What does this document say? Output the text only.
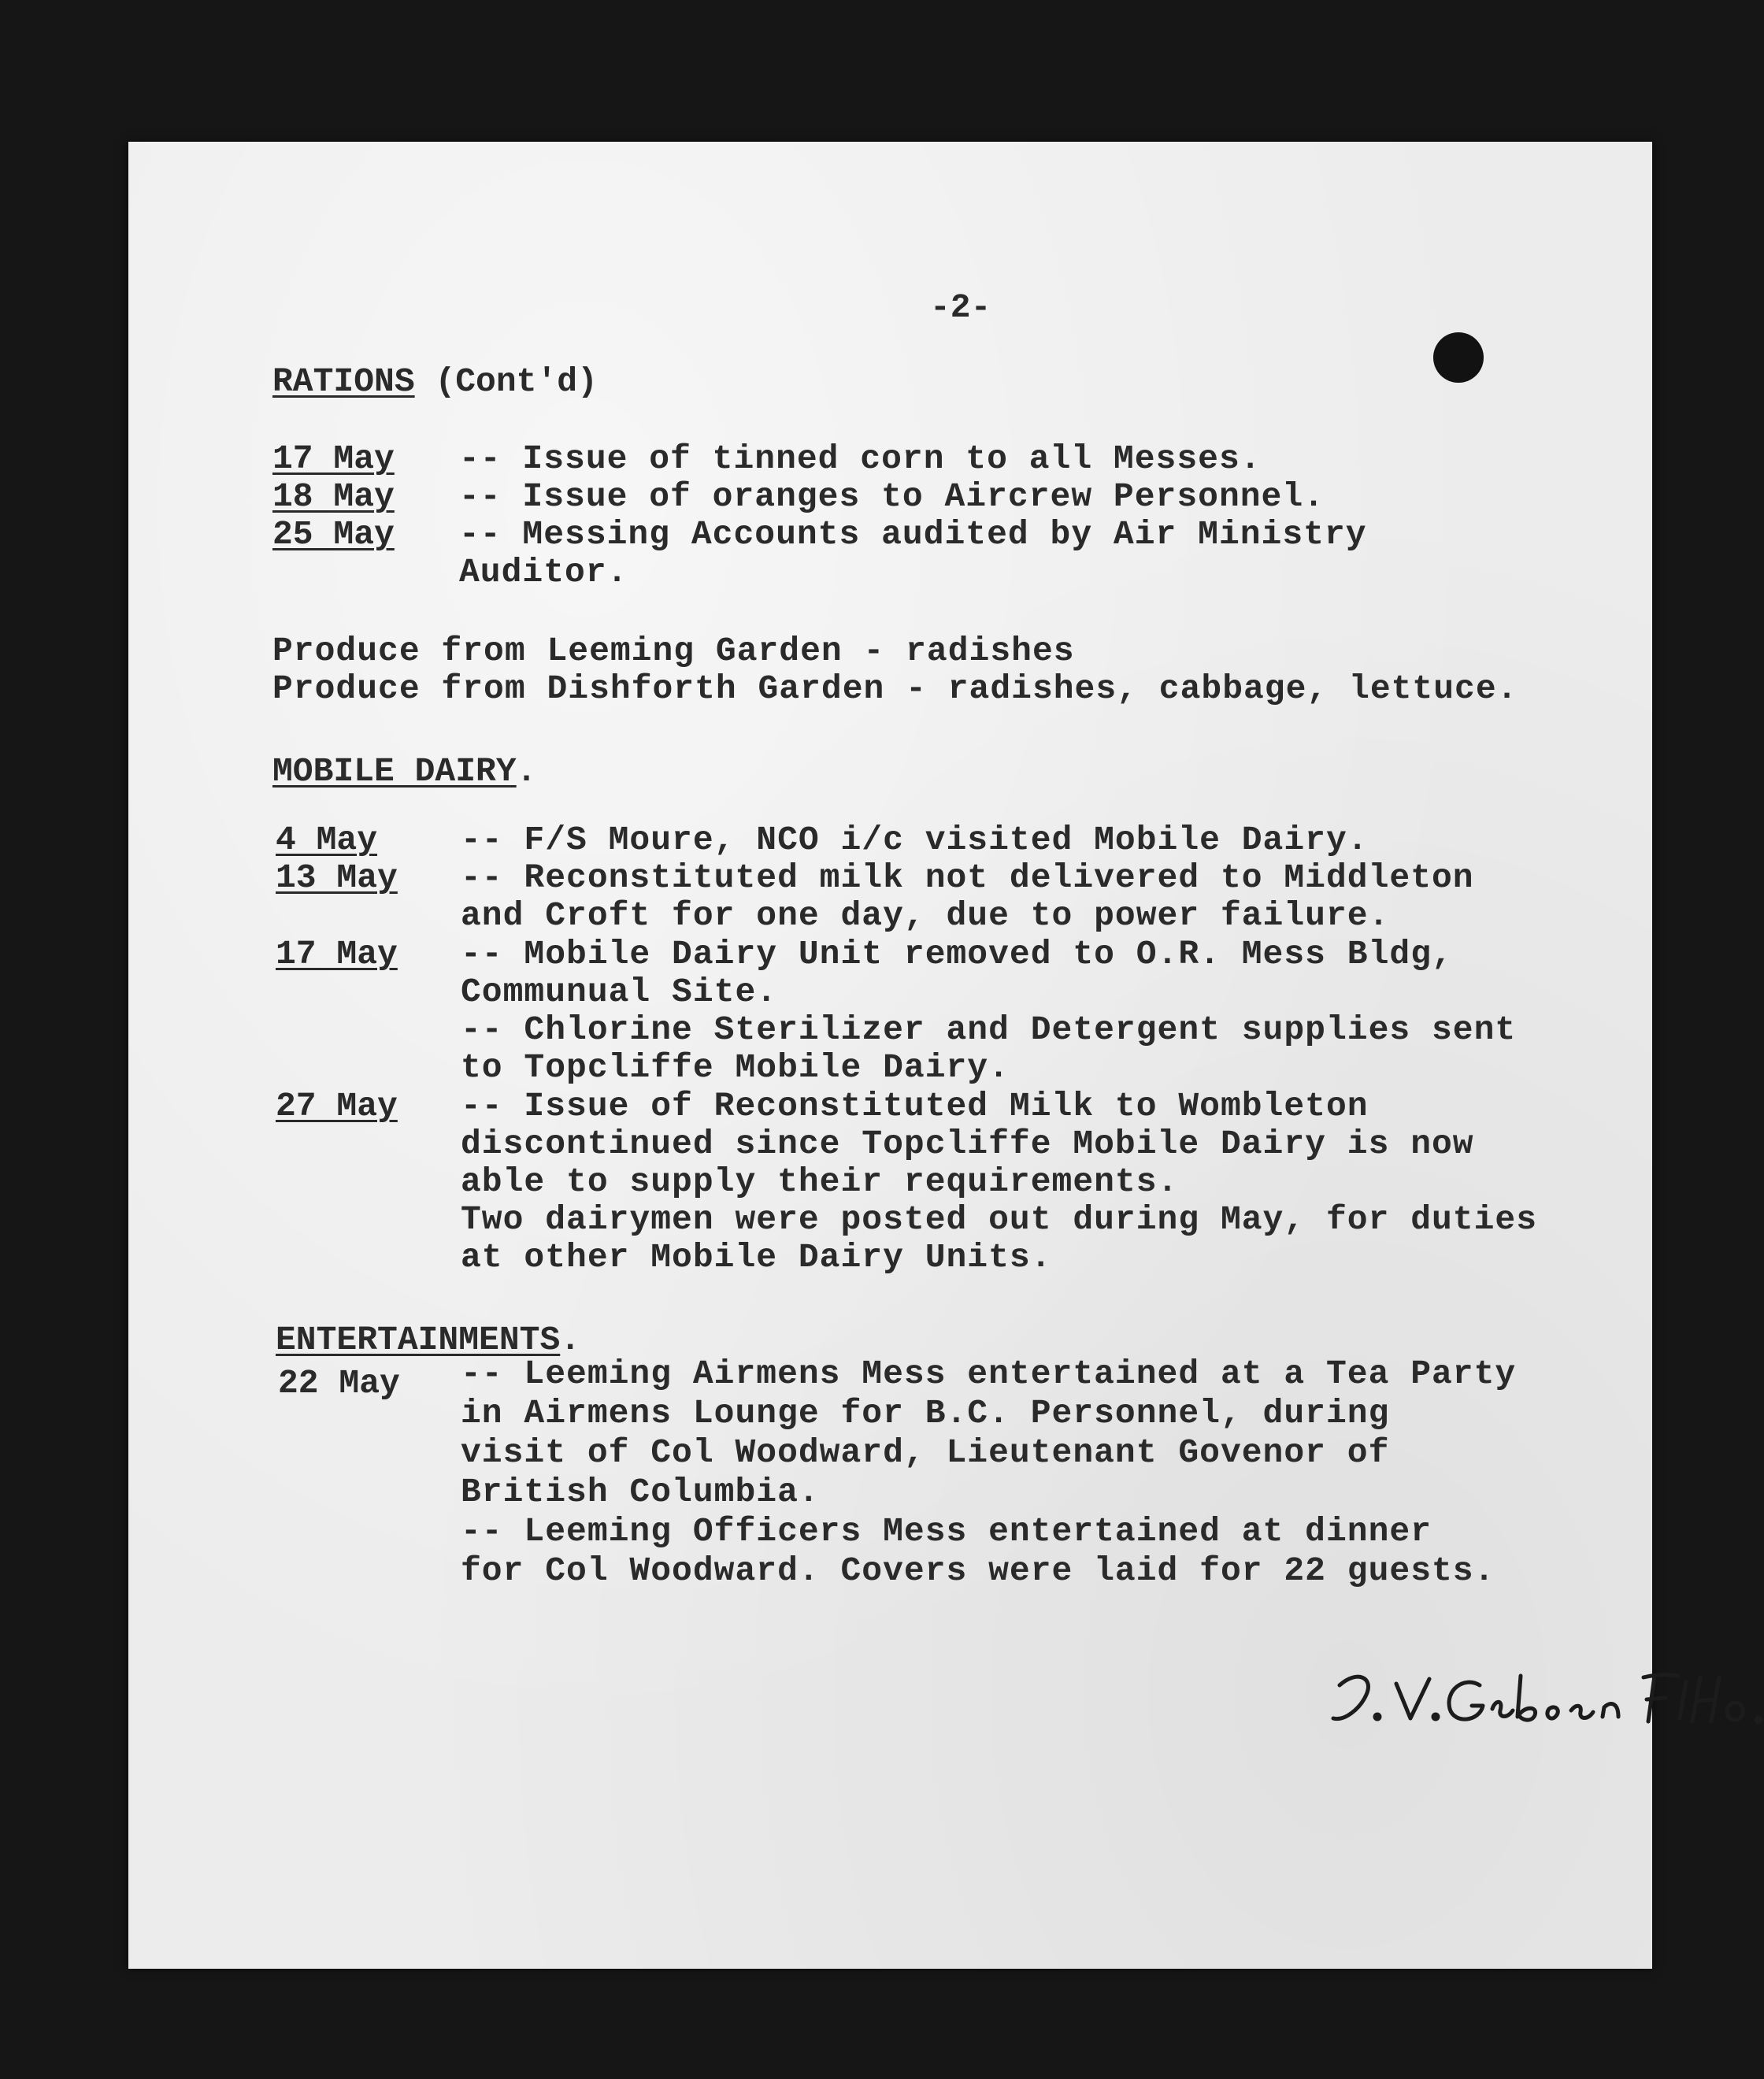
-2-
RATIONS (Cont'd)
17 May -- Issue of tinned corn to all Messes.
18 May -- Issue of oranges to Aircrew Personnel.
25 May -- Messing Accounts audited by Air Ministry
Auditor.
Produce from Leeming Garden - radishes
Produce from Dishforth Garden - radishes, cabbage, lettuce.
MOBILE DAIRY.
4 May -- F/S Moure, NCO i/c visited Mobile Dairy.
13 May -- Reconstituted milk not delivered to Middleton
and Croft for one day, due to power failure.
17 May -- Mobile Dairy Unit removed to O.R. Mess Bldg,
Communual Site.
-- Chlorine Sterilizer and Detergent supplies sent
to Topcliffe Mobile Dairy.
27 May -- Issue of Reconstituted Milk to Wombleton
discontinued since Topcliffe Mobile Dairy is now
able to supply their requirements.
Two dairymen were posted out during May, for duties
at other Mobile Dairy Units.
ENTERTAINMENTS.
22 May -- Leeming Airmens Mess entertained at a Tea Party
in Airmens Lounge for B.C. Personnel, during
visit of Col Woodward, Lieutenant Govenor of
British Columbia.
-- Leeming Officers Mess entertained at dinner
for Col Woodward. Covers were laid for 22 guests.
